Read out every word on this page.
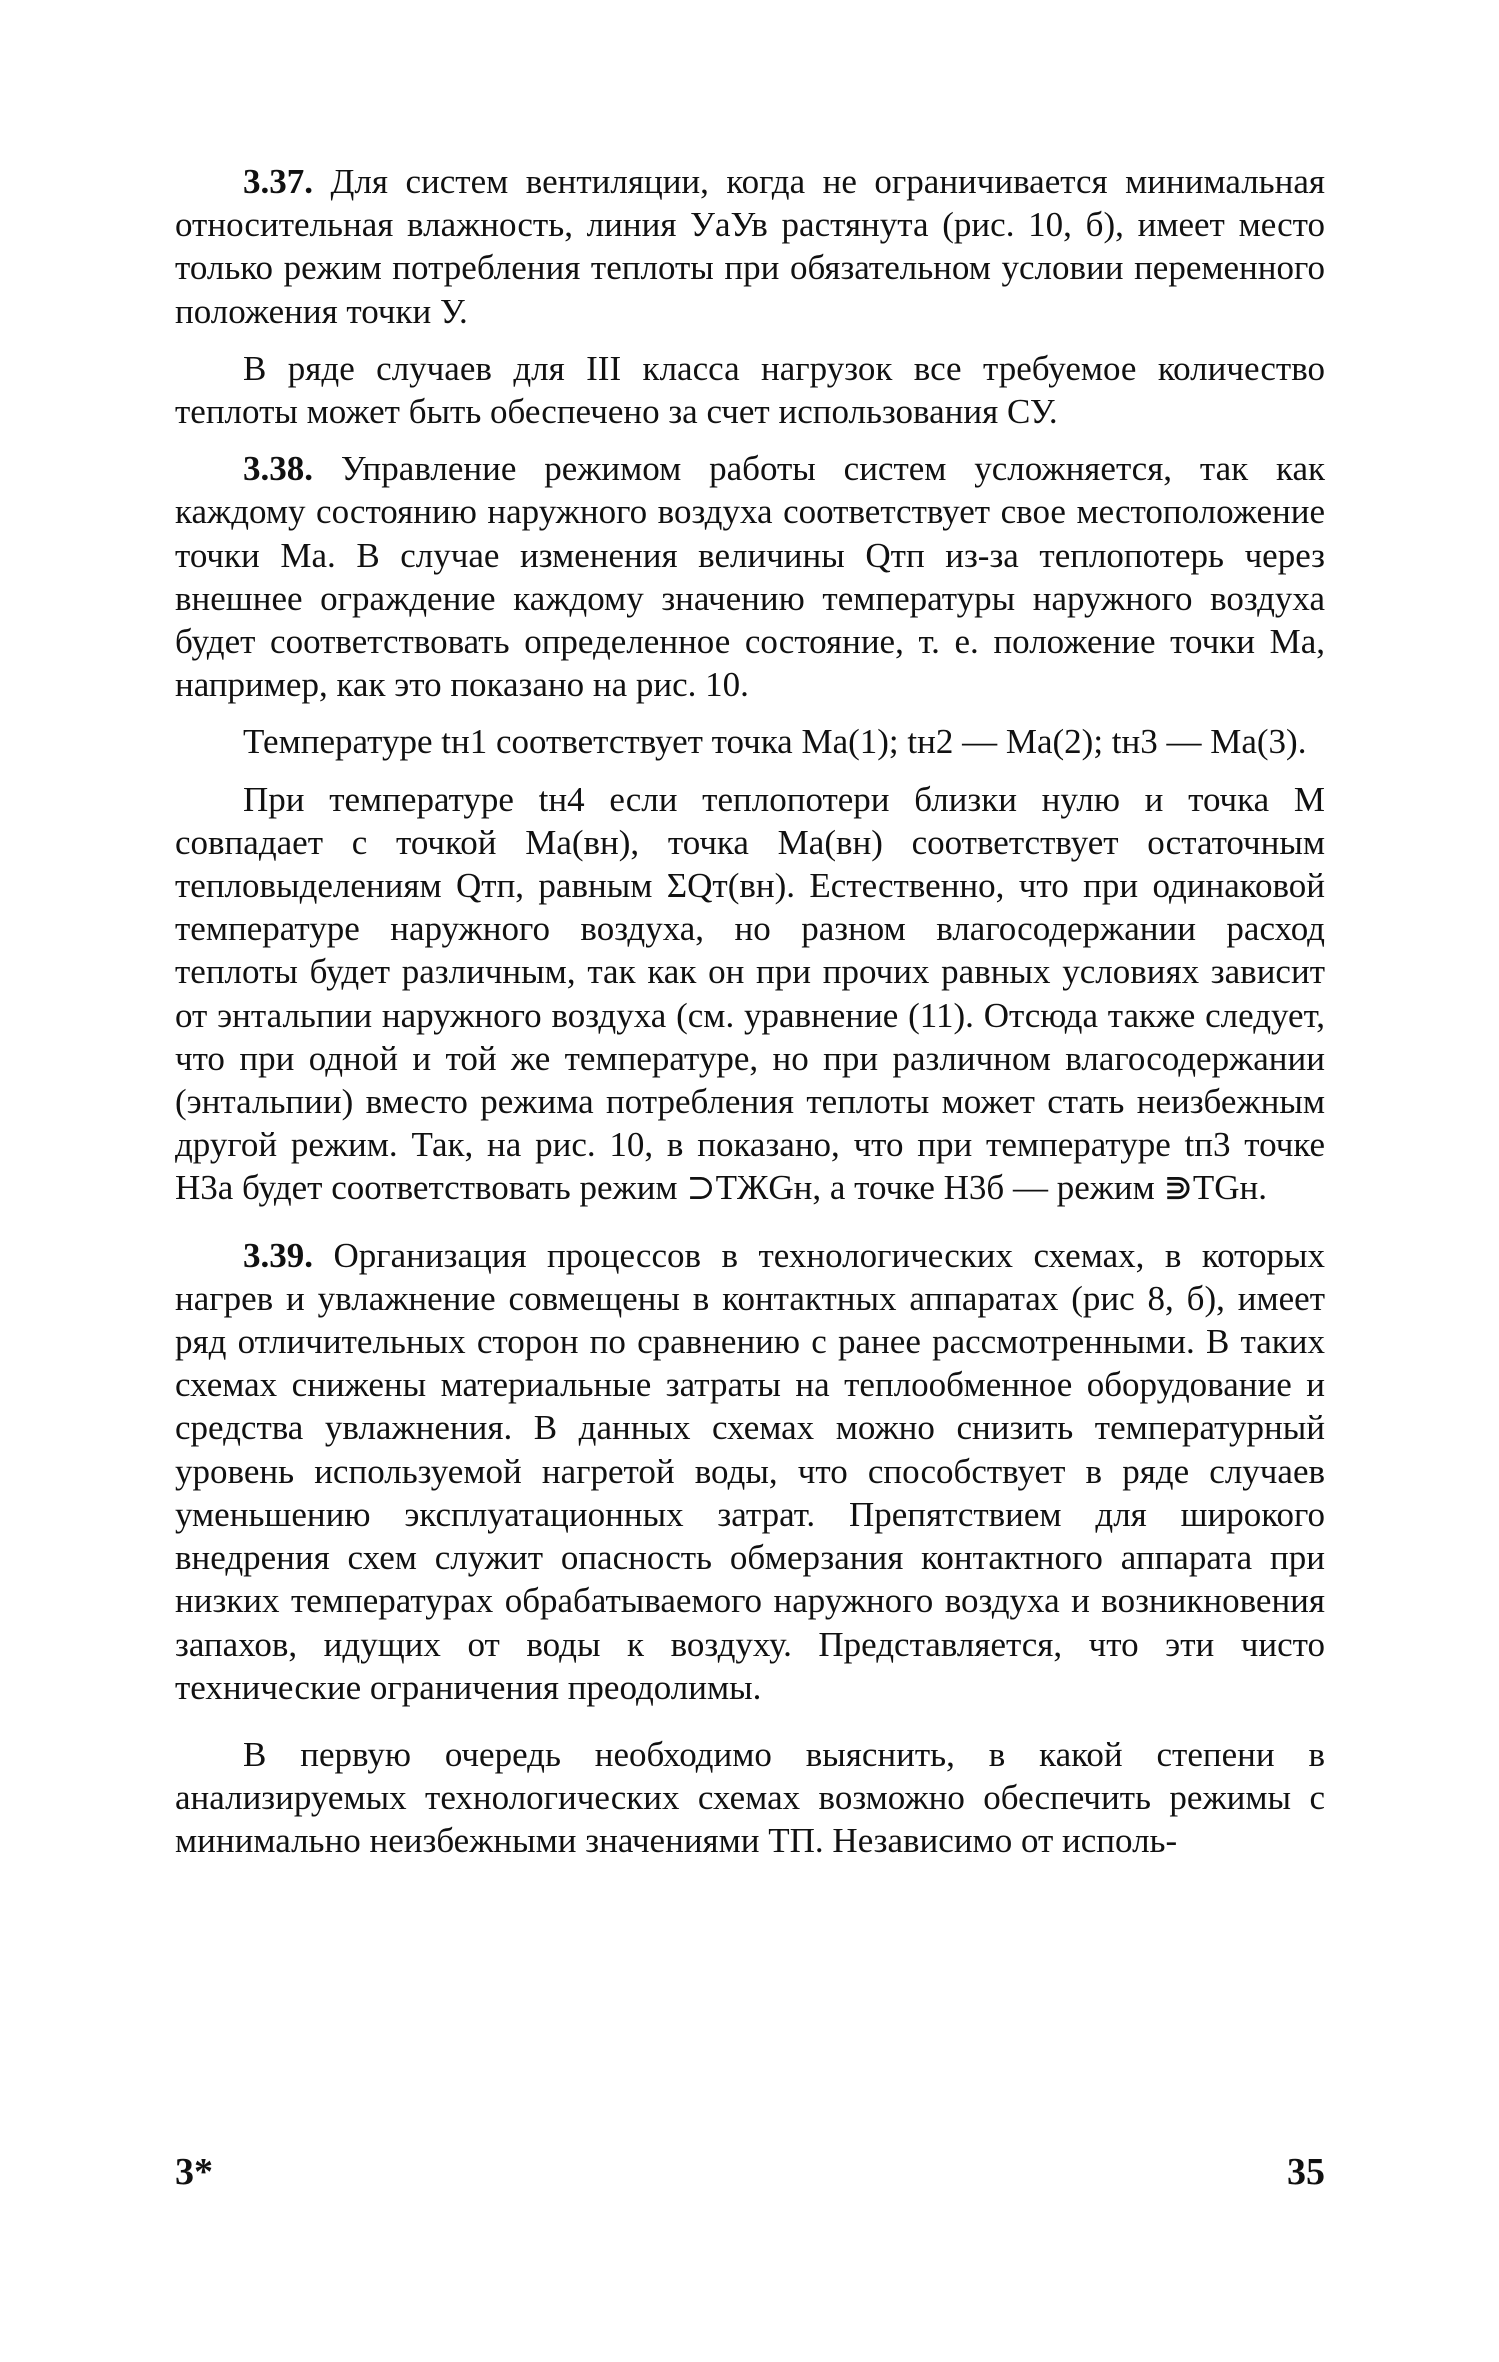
3.37. Для систем вентиляции, когда не ограничивается минимальная относительная влажность, линия УаУв растянута (рис. 10, б), имеет место только режим потребления теплоты при обязательном условии переменного положения точки У.

В ряде случаев для III класса нагрузок все требуемое количество теплоты может быть обеспечено за счет использования СУ.

3.38. Управление режимом работы систем усложняется, так как каждому состоянию наружного воздуха соответствует свое местоположение точки Ма. В случае изменения величины Qтп из-за теплопотерь через внешнее ограждение каждому значению температуры наружного воздуха будет соответствовать определенное состояние, т. е. положение точки Ма, например, как это показано на рис. 10.

Температуре tн1 соответствует точка Ма(1); tн2 — Ма(2); tн3 — Ма(3).

При температуре tн4 если теплопотери близки нулю и точка М совпадает с точкой Ма(вн), точка Ма(вн) соответствует остаточным тепловыделениям Qтп, равным ΣQт(вн). Естественно, что при одинаковой температуре наружного воздуха, но разном влагосодержании расход теплоты будет различным, так как он при прочих равных условиях зависит от энтальпии наружного воздуха (см. уравнение (11). Отсюда также следует, что при одной и той же температуре, но при различном влагосодержании (энтальпии) вместо режима потребления теплоты может стать неизбежным другой режим. Так, на рис. 10, в показано, что при температуре tп3 точке Н3а будет соответствовать режим ⊃ТЖGн, а точке Н3б — режим ⋑ТGн.

3.39. Организация процессов в технологических схемах, в которых нагрев и увлажнение совмещены в контактных аппаратах (рис 8, б), имеет ряд отличительных сторон по сравнению с ранее рассмотренными. В таких схемах снижены материальные затраты на теплообменное оборудование и средства увлажнения. В данных схемах можно снизить температурный уровень используемой нагретой воды, что способствует в ряде случаев уменьшению эксплуатационных затрат. Препятствием для широкого внедрения схем служит опасность обмерзания контактного аппарата при низких температурах обрабатываемого наружного воздуха и возникновения запахов, идущих от воды к воздуху. Представляется, что эти чисто технические ограничения преодолимы.

В первую очередь необходимо выяснить, в какой степени в анализируемых технологических схемах возможно обеспечить режимы с минимально неизбежными значениями ТП. Независимо от исполь-

3*	35
